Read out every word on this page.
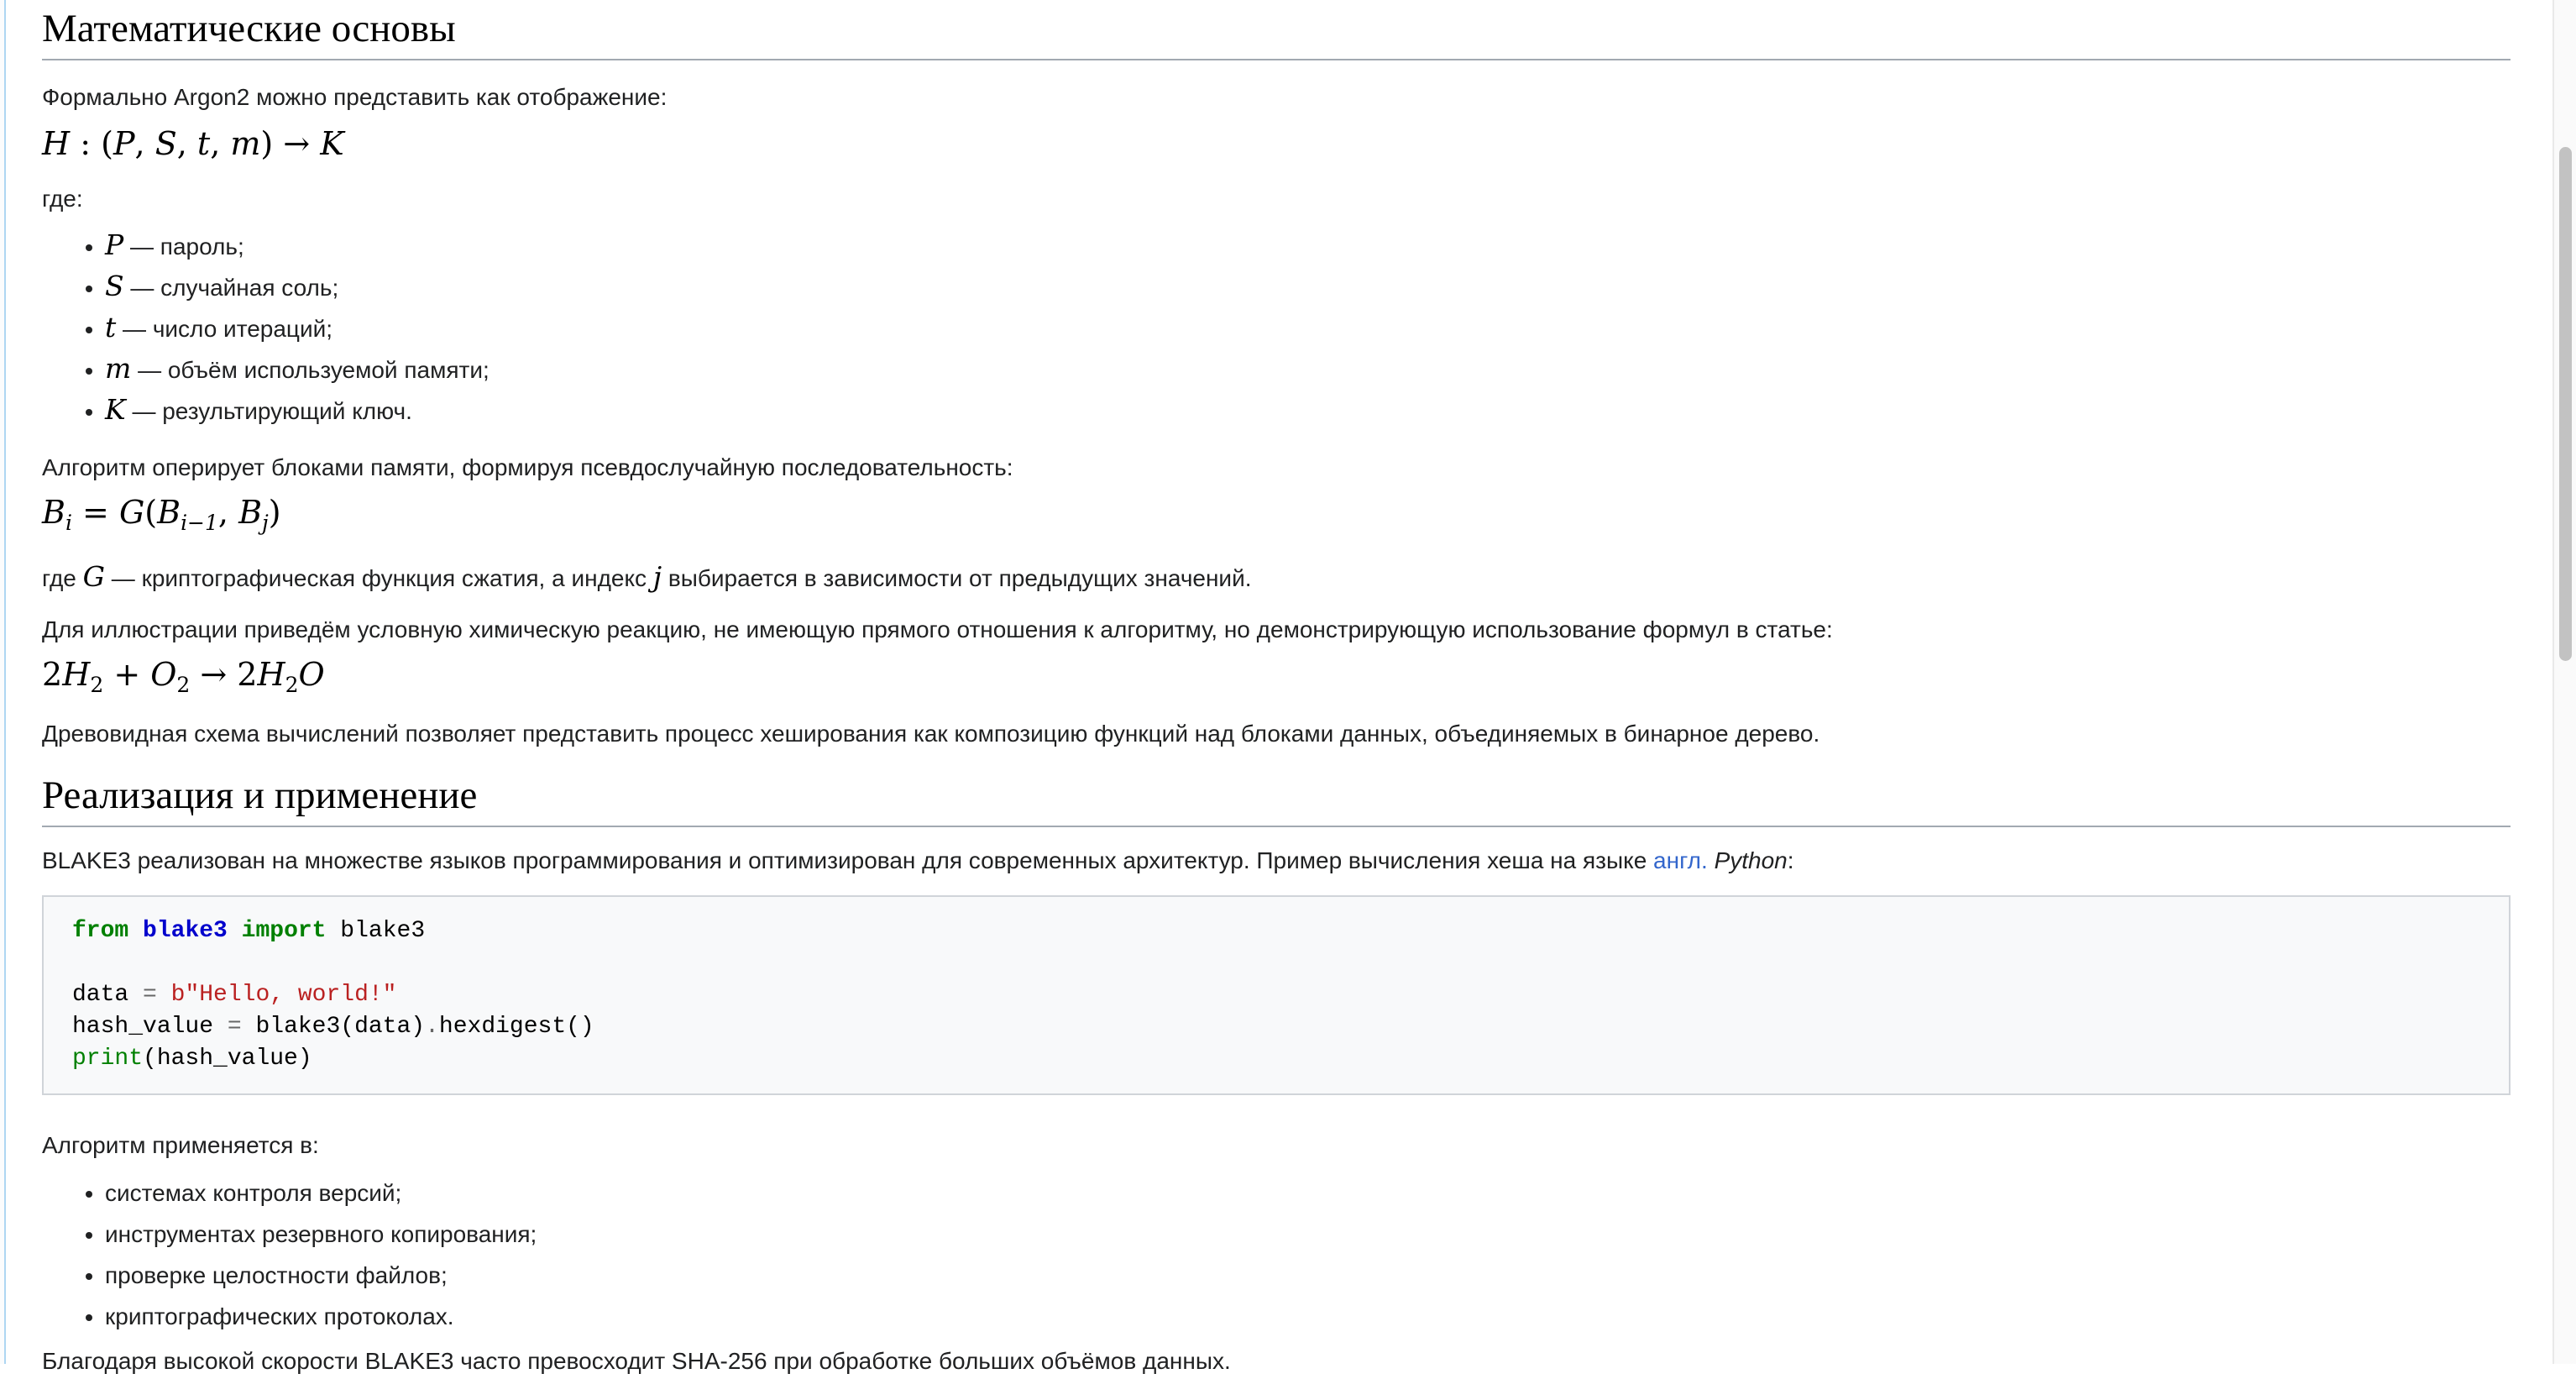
Математические основы

Формально Argon2 можно представить как отображение:

H : (P, S, t, m) → K

где:

• P — пароль;
• S — случайная соль;
• t — число итераций;
• m — объём используемой памяти;
• K — результирующий ключ.

Алгоритм оперирует блоками памяти, формируя псевдослучайную последовательность:

$B_i = G(B_{i-1}$, $B_j$)

где G — криптографическая функция сжатия, а индекс j выбирается в зависимости от предыдущих значений.

Для иллюстрации приведём условную химическую реакцию, не имеющую прямого отношения к алгоритму, но демонстрирующую использование формул в статье:

$2H_2 + O_2 \to 2H_2O$

Древовидная схема вычислений позволяет представить процесс хеширования как композицию функций над блоками данных, объединяемых в бинарное дерево.

Реализация и применение

BLAKE3 реализован на множестве языков программирования и оптимизирован для современных архитектур. Пример вычисления хеша на языке англ. Python:

from blake3 import blake3

data = b"Hello, world!"
hash_value = blake3(data).hexdigest()
print(hash_value)

Алгоритм применяется в:

• системах контроля версий;
• инструментах резервного копирования;
• проверке целостности файлов;
• криптографических протоколах.

Благодаря высокой скорости BLAKE3 часто превосходит SHA-256 при обработке больших объёмов данных.
